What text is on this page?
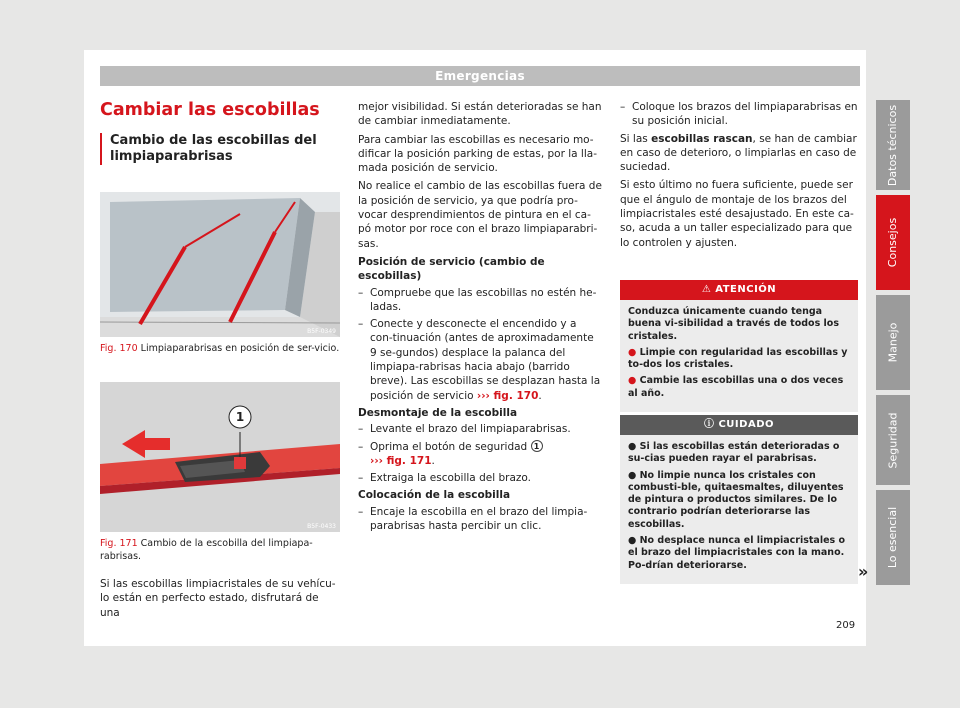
Emergencias
Cambiar las escobillas
Cambio de las escobillas del limpiaparabrisas
B5F-0349
Fig. 170 Limpiaparabrisas en posición de ser-vicio.
1
B5F-0433
Fig. 171 Cambio de la escobilla del limpiapa-rabrisas.

Si las escobillas limpiacristales de su vehícu-lo están en perfecto estado, disfrutará de una

mejor visibilidad. Si están deterioradas se han de cambiar inmediatamente.

Para cambiar las escobillas es necesario mo-dificar la posición parking de estas, por la lla-mada posición de servicio.

No realice el cambio de las escobillas fuera de la posición de servicio, ya que podría pro-vocar desprendimientos de pintura en el ca-pó motor por roce con el brazo limpiaparabri-sas.

Posición de servicio (cambio de escobillas)

– Compruebe que las escobillas no estén he-ladas.
– Conecte y desconecte el encendido y a con-tinuación (antes de aproximadamente 9 se-gundos) desplace la palanca del limpiapa-rabrisas hacia abajo (barrido breve). Las escobillas se desplazan hasta la posición de servicio ››› fig. 170.

Desmontaje de la escobilla

– Levante el brazo del limpiaparabrisas.
– Oprima el botón de seguridad 1
››› fig. 171.
– Extraiga la escobilla del brazo.

Colocación de la escobilla

– Encaje la escobilla en el brazo del limpia-parabrisas hasta percibir un clic.
– Coloque los brazos del limpiaparabrisas en su posición inicial.

Si las escobillas rascan, se han de cambiar en caso de deterioro, o limpiarlas en caso de suciedad.

Si esto último no fuera suficiente, puede ser que el ángulo de montaje de los brazos del limpiacristales esté desajustado. En este ca-so, acuda a un taller especializado para que lo controlen y ajusten.

⚠ ATENCIÓN

Conduzca únicamente cuando tenga buena vi-sibilidad a través de todos los cristales.

● Limpie con regularidad las escobillas y to-dos los cristales.

● Cambie las escobillas una o dos veces al año.

ⓘ CUIDADO

● Si las escobillas están deterioradas o su-cias pueden rayar el parabrisas.

● No limpie nunca los cristales con combusti-ble, quitaesmaltes, diluyentes de pintura o productos similares. De lo contrario podrían deteriorarse las escobillas.

● No desplace nunca el limpiacristales o el brazo del limpiacristales con la mano. Po-drían deteriorarse.	»
Datos técnicos
Consejos
Manejo
Seguridad
Lo esencial
209
